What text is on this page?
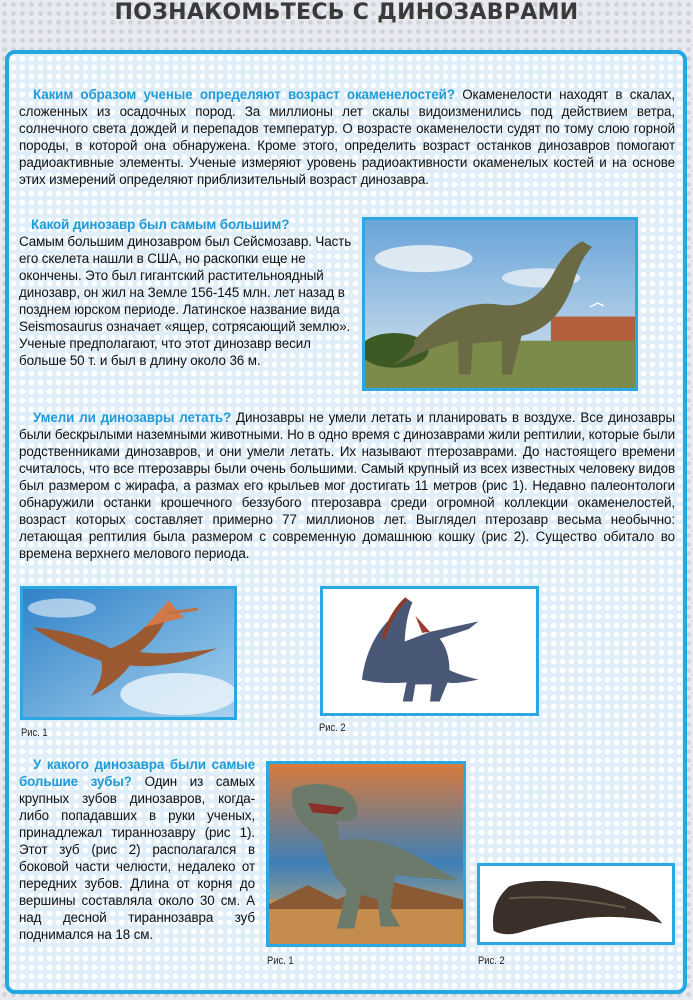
ПОЗНАКОМЬТЕСЬ С ДИНОЗАВРАМИ
Каким образом ученые определяют возраст окаменелостей? Окаменелости находят в скалах, сложенных из осадочных пород. За миллионы лет скалы видоизменились под действием ветра, солнечного света дождей и перепадов температур. О возрасте окаменелости судят по тому слою горной породы, в которой она обнаружена. Кроме этого, определить возраст останков динозавров помогают радиоактивные элементы. Ученые измеряют уровень радиоактивности окаменелых костей и на основе этих измерений определяют приблизительный возраст динозавра.
Какой динозавр был самым большим?
Самым большим динозавром был Сейсмозавр. Часть его скелета нашли в США, но раскопки еще не окончены. Это был гигантский растительноядный динозавр, он жил на Земле 156-145 млн. лет назад в позднем юрском периоде. Латинское название вида Seismosaurus означает «ящер, сотрясающий землю». Ученые предполагают, что этот динозавр весил больше 50 т. и был в длину около 36 м.
Умели ли динозавры летать? Динозавры не умели летать и планировать в воздухе. Все динозавры были бескрылыми наземными животными. Но в одно время с динозаврами жили рептилии, которые были родственниками динозавров, и они умели летать. Их называют птерозаврами. До настоящего времени считалось, что все птерозавры были очень большими. Самый крупный из всех известных человеку видов был размером с жирафа, а размах его крыльев мог достигать 11 метров (рис 1). Недавно палеонтологи обнаружили останки крошечного беззубого птерозавра среди огромной коллекции окаменелостей, возраст которых составляет примерно 77 миллионов лет. Выглядел птерозавр весьма необычно: летающая рептилия была размером с современную домашнюю кошку (рис 2). Существо обитало во времена верхнего мелового периода.
Рис. 1	Рис. 2
У какого динозавра были самые большие зубы? Один из самых крупных зубов динозавров, когда-либо попадавших в руки ученых, принадлежал тираннозавру (рис 1). Этот зуб (рис 2) располагался в боковой части челюсти, недалеко от передних зубов. Длина от корня до вершины составляла около 30 см. А над десной тираннозавра зуб поднимался на 18 см.
Рис. 1	Рис. 2
